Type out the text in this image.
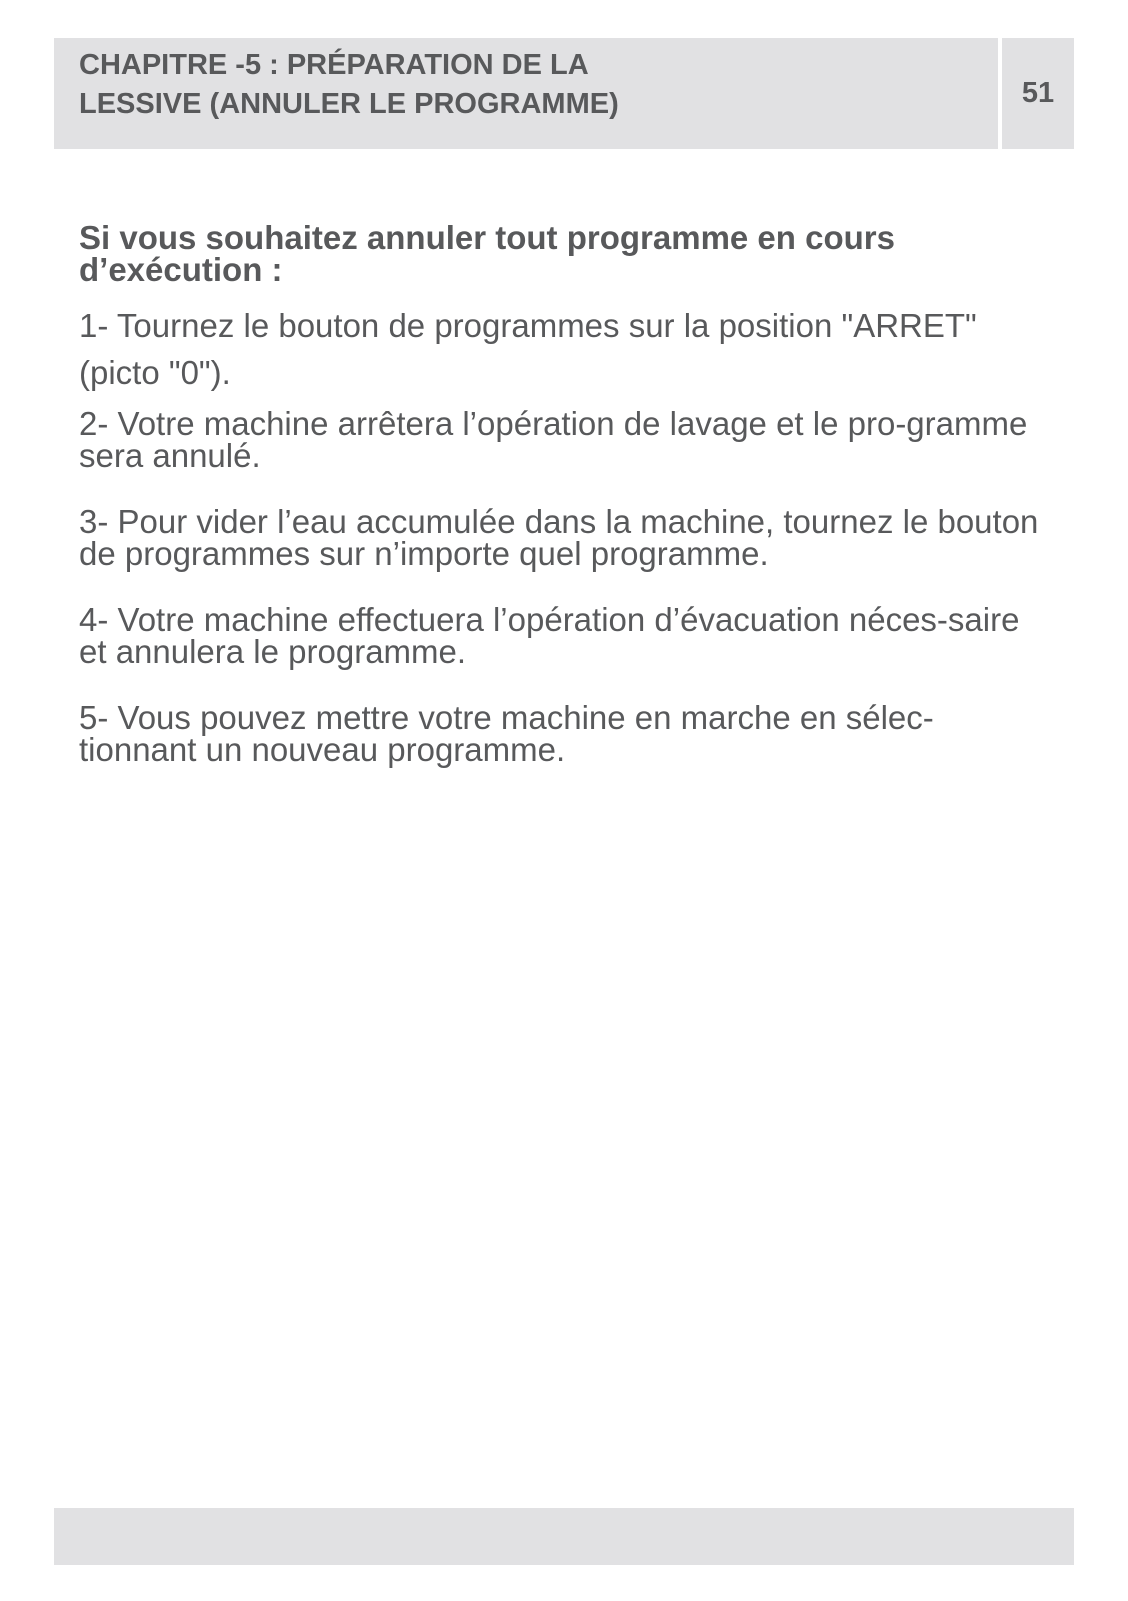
CHAPITRE -5 : PRÉPARATION DE LA
LESSIVE (ANNULER LE PROGRAMME)	51

Si vous souhaitez annuler tout programme en cours d’exécution :

1- Tournez le bouton de programmes sur la position "ARRET" (picto "0").

2- Votre machine arrêtera l’opération de lavage et le pro-gramme sera annulé.

3- Pour vider l’eau accumulée dans la machine, tournez le bouton de programmes sur n’importe quel programme.

4- Votre machine effectuera l’opération d’évacuation néces-saire et annulera le programme.

5- Vous pouvez mettre votre machine en marche en sélec-tionnant un nouveau programme.
